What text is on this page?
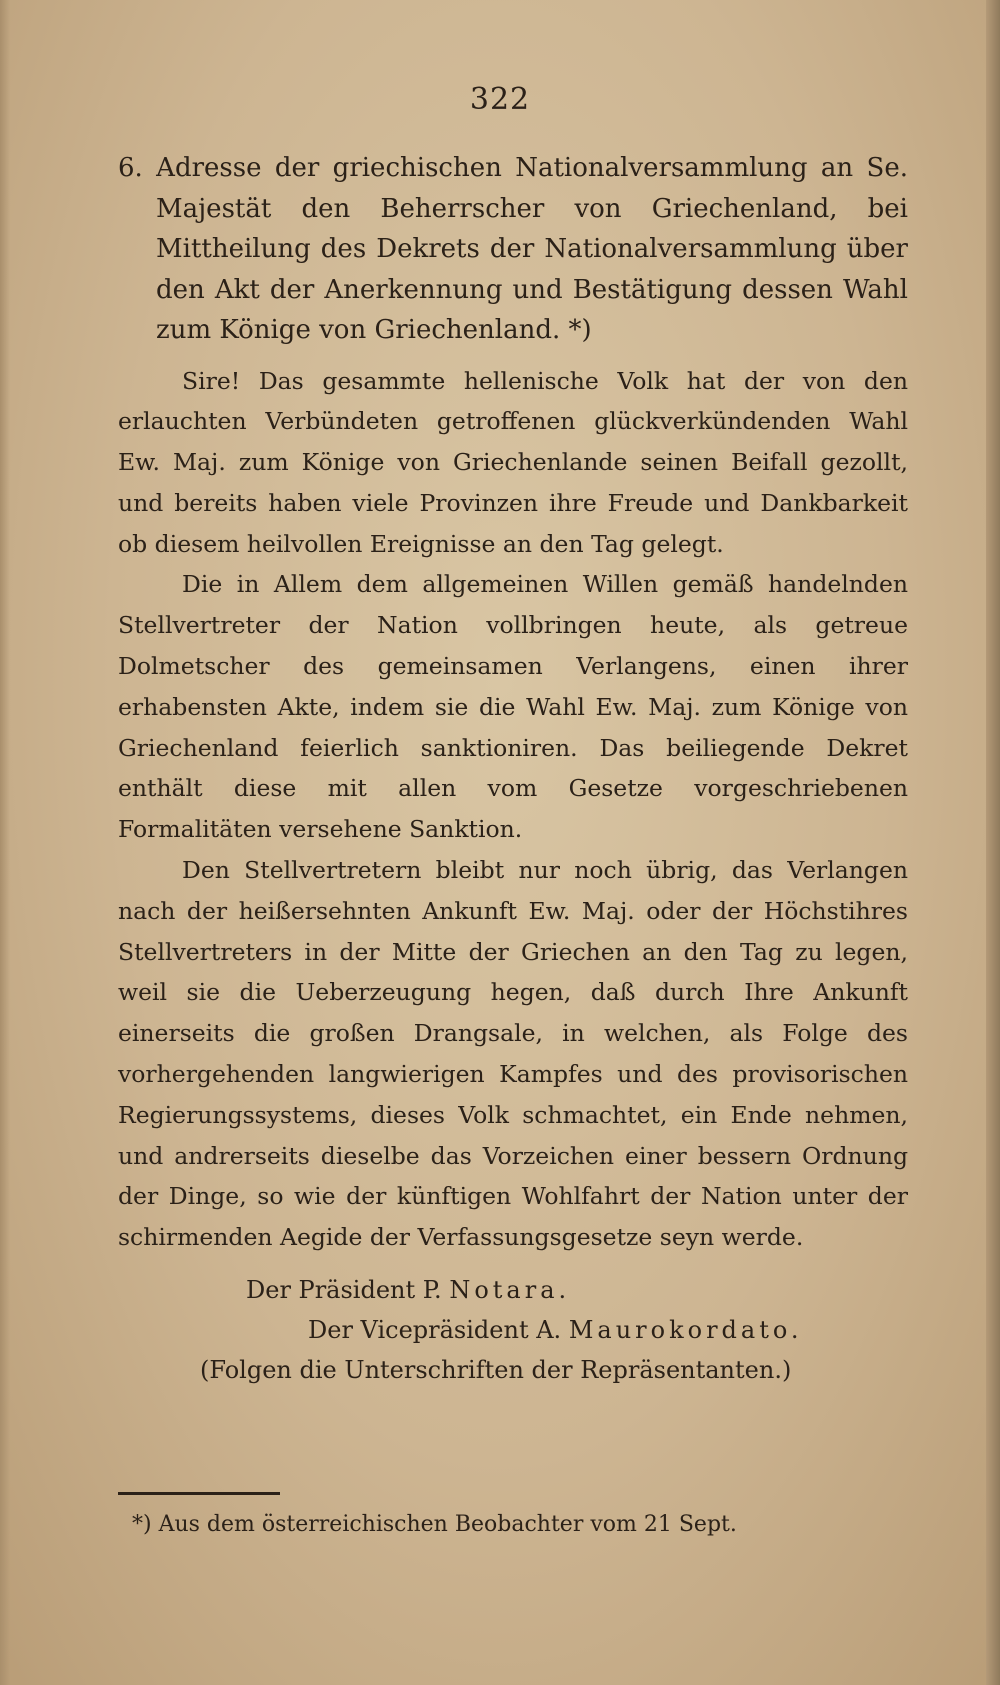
322

6. Adresse der griechischen Nationalversammlung an Se. Majestät den Beherrscher von Griechenland, bei Mittheilung des Dekrets der Nationalversammlung über den Akt der Anerkennung und Bestätigung dessen Wahl zum Könige von Griechenland. *)

Sire! Das gesammte hellenische Volk hat der von den erlauchten Verbündeten getroffenen glückverkündenden Wahl Ew. Maj. zum Könige von Griechenlande seinen Beifall gezollt, und bereits haben viele Provinzen ihre Freude und Dankbarkeit ob diesem heilvollen Ereignisse an den Tag gelegt.

Die in Allem dem allgemeinen Willen gemäß handelnden Stellvertreter der Nation vollbringen heute, als getreue Dolmetscher des gemeinsamen Verlangens, einen ihrer erhabensten Akte, indem sie die Wahl Ew. Maj. zum Könige von Griechenland feierlich sanktioniren. Das beiliegende Dekret enthält diese mit allen vom Gesetze vorgeschriebenen Formalitäten versehene Sanktion.

Den Stellvertretern bleibt nur noch übrig, das Verlangen nach der heißersehnten Ankunft Ew. Maj. oder der Höchstihres Stellvertreters in der Mitte der Griechen an den Tag zu legen, weil sie die Ueberzeugung hegen, daß durch Ihre Ankunft einerseits die großen Drangsale, in welchen, als Folge des vorhergehenden langwierigen Kampfes und des provisorischen Regierungssystems, dieses Volk schmachtet, ein Ende nehmen, und andrerseits dieselbe das Vorzeichen einer bessern Ordnung der Dinge, so wie der künftigen Wohlfahrt der Nation unter der schirmenden Aegide der Verfassungsgesetze seyn werde.

Der Präsident P. Notara.
Der Vicepräsident A. Maurokordato.
(Folgen die Unterschriften der Repräsentanten.)
*) Aus dem österreichischen Beobachter vom 21 Sept.
